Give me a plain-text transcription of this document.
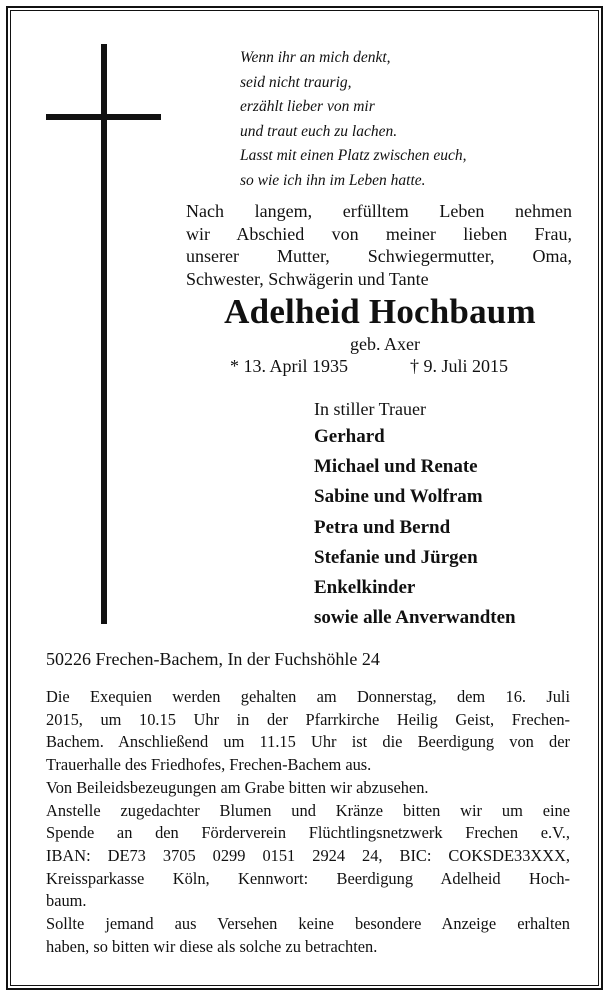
Wenn ihr an mich denkt,
seid nicht traurig,
erzählt lieber von mir
und traut euch zu lachen.
Lasst mit einen Platz zwischen euch,
so wie ich ihn im Leben hatte.
Nach langem, erfülltem Leben nehmen
wir Abschied von meiner lieben Frau,
unserer Mutter, Schwiegermutter, Oma,
Schwester, Schwägerin und Tante
Adelheid Hochbaum
geb. Axer
* 13. April 1935	† 9. Juli 2015
In stiller Trauer
Gerhard
Michael und Renate
Sabine und Wolfram
Petra und Bernd
Stefanie und Jürgen
Enkelkinder
sowie alle Anverwandten
50226 Frechen-Bachem, In der Fuchshöhle 24
Die Exequien werden gehalten am Donnerstag, dem 16. Juli
2015, um 10.15 Uhr in der Pfarrkirche Heilig Geist, Frechen-
Bachem. Anschließend um 11.15 Uhr ist die Beerdigung von der
Trauerhalle des Friedhofes, Frechen-Bachem aus.
Von Beileidsbezeugungen am Grabe bitten wir abzusehen.
Anstelle zugedachter Blumen und Kränze bitten wir um eine
Spende an den Förderverein Flüchtlingsnetzwerk Frechen e.V.,
IBAN: DE73 3705 0299 0151 2924 24, BIC: COKSDE33XXX,
Kreissparkasse Köln, Kennwort: Beerdigung Adelheid Hoch-
baum.
Sollte jemand aus Versehen keine besondere Anzeige erhalten
haben, so bitten wir diese als solche zu betrachten.
